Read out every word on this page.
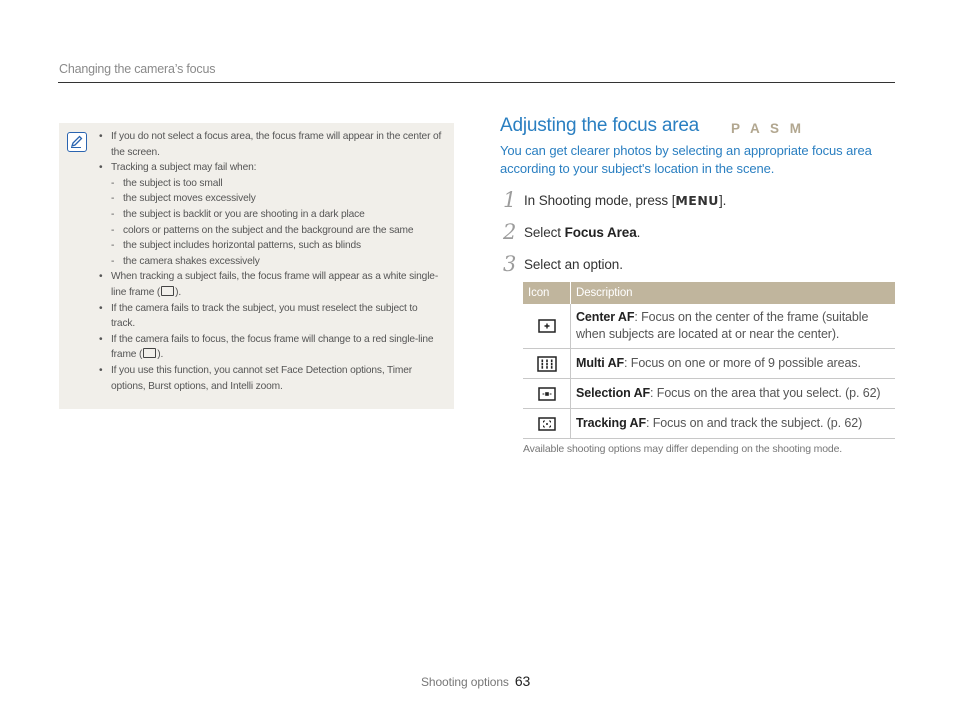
Changing the camera’s focus
• If you do not select a focus area, the focus frame will appear in the center of the screen.
• Tracking a subject may fail when:
- the subject is too small
- the subject moves excessively
- the subject is backlit or you are shooting in a dark place
- colors or patterns on the subject and the background are the same
- the subject includes horizontal patterns, such as blinds
- the camera shakes excessively
• When tracking a subject fails, the focus frame will appear as a white single-line frame ( ).
• If the camera fails to track the subject, you must reselect the subject to track.
• If the camera fails to focus, the focus frame will change to a red single-line frame ( ).
• If you use this function, you cannot set Face Detection options, Timer options, Burst options, and Intelli zoom.
Adjusting the focus area P A S M
You can get clearer photos by selecting an appropriate focus area according to your subject's location in the scene.
1 In Shooting mode, press [MENU].
2 Select Focus Area.
3 Select an option.
Icon	Description
	Center AF: Focus on the center of the frame (suitable when subjects are located at or near the center).
	Multi AF: Focus on one or more of 9 possible areas.
	Selection AF: Focus on the area that you select. (p. 62)
	Tracking AF: Focus on and track the subject. (p. 62)
Available shooting options may differ depending on the shooting mode.
Shooting options 63
